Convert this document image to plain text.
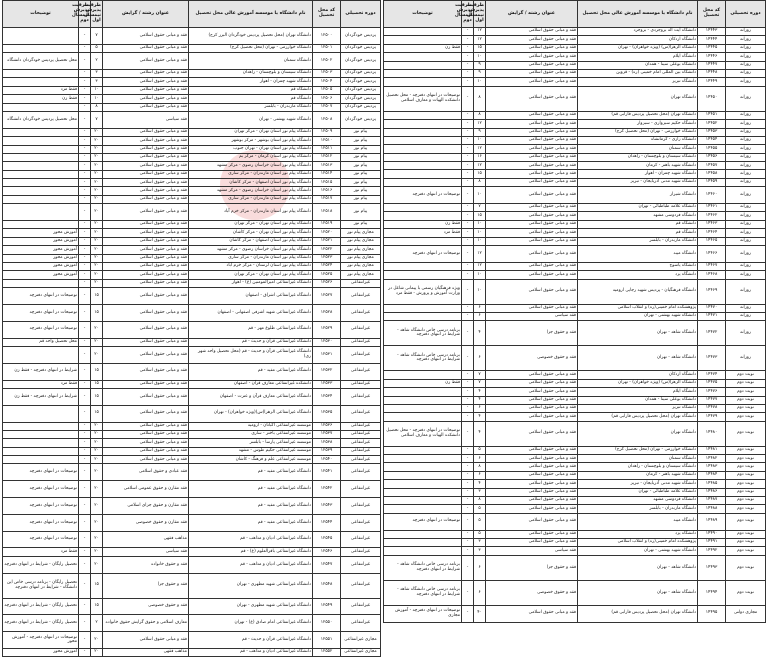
دوره تحصیلی	کد محل تحصیل	نام دانشگاه یا موسسه آموزش عالی محل تحصیل	عنوان رشته / گرایش	ظرفیت پذیرش نیمسال اول	ظرفیت پذیرش نیمسال دوم	توضیحات
روزانه	۱۴۴۴۳	دانشگاه آیت اله بروجردی - بروجرد	فقه و مبانی حقوق اسلامی	۱۲	-	
روزانه	۱۴۴۴۴	دانشگاه اردکان	فقه و مبانی حقوق اسلامی	۱۲	-	
روزانه	۱۴۴۴۵	دانشگاه الزهرا(س) (ویژه خواهران) - تهران	فقه و مبانی حقوق اسلامی	۱۵	-	فقط زن
روزانه	۱۴۴۴۶	دانشگاه ایلام	فقه و مبانی حقوق اسلامی	۱۰	-	
روزانه	۱۴۴۴۷	دانشگاه بوعلی سینا - همدان	فقه و مبانی حقوق اسلامی	۹	-	
روزانه	۱۴۴۴۸	دانشگاه بین المللی امام خمینی (ره) - قزوین	فقه و مبانی حقوق اسلامی	۹	-	
روزانه	۱۴۴۴۹	دانشگاه تبریز	فقه و مبانی حقوق اسلامی	۱۰	-	
روزانه	۱۴۴۵۰	دانشگاه تهران	فقه و مبانی حقوق اسلامی	۸	-	توضیحات در انتهای دفترچه - محل تحصیل دانشکده الهیات و معارف اسلامی
روزانه	۱۴۴۵۱	دانشگاه تهران (محل تحصیل پردیس فارابی قم)	فقه و مبانی حقوق اسلامی	۸	-	
روزانه	۱۴۴۵۲	دانشگاه حکیم سبزواری - سبزوار	فقه و مبانی حقوق اسلامی	۱۲	-	
روزانه	۱۴۴۵۳	دانشگاه خوارزمی - تهران (محل تحصیل کرج)	فقه و مبانی حقوق اسلامی	۹	-	
روزانه	۱۴۴۵۴	دانشگاه رازی - کرمانشاه	فقه و مبانی حقوق اسلامی	۱۰	-	
روزانه	۱۴۴۵۵	دانشگاه سمنان	فقه و مبانی حقوق اسلامی	۱۲	-	
روزانه	۱۴۴۵۶	دانشگاه سیستان و بلوچستان - زاهدان	فقه و مبانی حقوق اسلامی	۱۶	-	
روزانه	۱۴۴۵۷	دانشگاه شهید باهنر - کرمان	فقه و مبانی حقوق اسلامی	۱۲	-	
روزانه	۱۴۴۵۸	دانشگاه شهید چمران - اهواز	فقه و مبانی حقوق اسلامی	۱۵	-	
روزانه	۱۴۴۵۹	دانشگاه شهید مدنی آذربایجان - تبریز	فقه و مبانی حقوق اسلامی	۸	-	
روزانه	۱۴۴۶۰	دانشگاه شیراز	فقه و مبانی حقوق اسلامی	۱۰	-	توضیحات در انتهای دفترچه
روزانه	۱۴۴۶۱	دانشگاه علامه طباطبائی - تهران	فقه و مبانی حقوق اسلامی	۷	-	
روزانه	۱۴۴۶۲	دانشگاه فردوسی مشهد	فقه و مبانی حقوق اسلامی	۱۵	-	
روزانه	۱۴۴۶۳	دانشگاه قم	فقه و مبانی حقوق اسلامی	۱۰	-	فقط زن
روزانه	۱۴۴۶۴	دانشگاه قم	فقه و مبانی حقوق اسلامی	۱۰	-	فقط مرد
روزانه	۱۴۴۶۵	دانشگاه مازندران - بابلسر	فقه و مبانی حقوق اسلامی	۱۰	-	
روزانه	۱۴۴۶۶	دانشگاه میبد	فقه و مبانی حقوق اسلامی	۱۲	-	توضیحات در انتهای دفترچه
روزانه	۱۴۴۶۷	دانشگاه یاسوج	فقه و مبانی حقوق اسلامی	۱۲	-	
روزانه	۱۴۴۶۸	دانشگاه یزد	فقه و مبانی حقوق اسلامی	۱۰	-	
روزانه	۱۴۴۶۹	دانشگاه فرهنگیان - پردیس شهید رجایی ارومیه	فقه و مبانی حقوق اسلامی	۱۰	-	ویژه فرهنگیان رسمی با پیمانی شاغل در وزارت آموزش و پرورش - فقط مرد
روزانه	۱۴۴۷۰	پژوهشکده امام خمینی(ره) و انقلاب اسلامی	فقه و مبانی حقوق اسلامی	۶	-	
روزانه	۱۴۴۷۱	دانشگاه شهید بهشتی - تهران	فقه سیاسی	۶	-	
روزانه	۱۴۴۷۲	دانشگاه شاهد - تهران	فقه و حقوق جزا	۴	-	برنامه درسی خاص دانشگاه شاهد - شرایط در انتهای دفترچه
روزانه	۱۴۴۷۳	دانشگاه شاهد - تهران	فقه و حقوق خصوصی	۶	-	برنامه درسی خاص دانشگاه شاهد - شرایط در انتهای دفترچه
نوبت دوم	۱۴۴۷۴	دانشگاه اردکان	فقه و مبانی حقوق اسلامی	۷	-	
نوبت دوم	۱۴۴۷۵	دانشگاه الزهرا(س) (ویژه خواهران) - تهران	فقه و مبانی حقوق اسلامی	۷	-	فقط زن
نوبت دوم	۱۴۴۷۶	دانشگاه ایلام	فقه و مبانی حقوق اسلامی	۴	-	
نوبت دوم	۱۴۴۷۷	دانشگاه بوعلی سینا - همدان	فقه و مبانی حقوق اسلامی	۴	-	
نوبت دوم	۱۴۴۷۸	دانشگاه تبریز	فقه و مبانی حقوق اسلامی	۶	-	
نوبت دوم	۱۴۴۷۹	دانشگاه تهران (محل تحصیل پردیس فارابی قم)	فقه و مبانی حقوق اسلامی	۴	-	
نوبت دوم	۱۴۴۸۰	دانشگاه تهران	فقه و مبانی حقوق اسلامی	۴	-	توضیحات در انتهای دفترچه - محل تحصیل دانشکده الهیات و معارف اسلامی
نوبت دوم	۱۴۴۸۱	دانشگاه خوارزمی - تهران (محل تحصیل کرج)	فقه و مبانی حقوق اسلامی	۵	-	
نوبت دوم	۱۴۴۸۲	دانشگاه سمنان	فقه و مبانی حقوق اسلامی	۶	-	
نوبت دوم	۱۴۴۸۳	دانشگاه سیستان و بلوچستان - زاهدان	فقه و مبانی حقوق اسلامی	۸	-	
نوبت دوم	۱۴۴۸۴	دانشگاه شهید باهنر - کرمان	فقه و مبانی حقوق اسلامی	۶	-	
نوبت دوم	۱۴۴۸۵	دانشگاه شهید مدنی آذربایجان - تبریز	فقه و مبانی حقوق اسلامی	۴	-	
نوبت دوم	۱۴۴۸۶	دانشگاه علامه طباطبائی - تهران	فقه و مبانی حقوق اسلامی	۳	-	
نوبت دوم	۱۴۴۸۷	دانشگاه فردوسی مشهد	فقه و مبانی حقوق اسلامی	۸	-	
نوبت دوم	۱۴۴۸۸	دانشگاه مازندران - بابلسر	فقه و مبانی حقوق اسلامی	۵	-	
نوبت دوم	۱۴۴۸۹	دانشگاه میبد	فقه و مبانی حقوق اسلامی	۵	-	توضیحات در انتهای دفترچه
نوبت دوم	۱۴۴۹۰	دانشگاه یزد	فقه و مبانی حقوق اسلامی	۵	-	
نوبت دوم	۱۴۴۹۱	پژوهشکده امام خمینی(ره) و انقلاب اسلامی	فقه و مبانی حقوق اسلامی	۳	-	
نوبت دوم	۱۴۴۹۲	دانشگاه شهید بهشتی - تهران	فقه سیاسی	۳	-	
نوبت دوم	۱۴۴۹۳	دانشگاه شاهد - تهران	فقه و حقوق جزا	۶	-	برنامه درسی خاص دانشگاه شاهد - شرایط در انتهای دفترچه
نوبت دوم	۱۴۴۹۴	دانشگاه شاهد - تهران	فقه و حقوق خصوصی	۶	-	برنامه درسی خاص دانشگاه شاهد - شرایط در انتهای دفترچه
مجازی دولتی	۱۴۴۹۵	دانشگاه تهران (محل تحصیل پردیس فارابی قم)	فقه و مبانی حقوق اسلامی	۴۰	-	توضیحات در انتهای دفترچه - آموزش مجازی
دوره تحصیلی	کد محل تحصیل	نام دانشگاه یا موسسه آموزش عالی محل تحصیل	عنوان رشته / گرایش	ظرفیت پذیرش نیمسال اول	ظرفیت پذیرش نیمسال دوم	توضیحات
پردیس خودگردان	۱۲۵۰۰	دانشگاه تهران (محل تحصیل پردیس خودگردان البرز کرج)	فقه و مبانی حقوق اسلامی	۷	-	
پردیس خودگردان	۱۲۵۰۱	دانشگاه خوارزمی - تهران (محل تحصیل کرج)	فقه و مبانی حقوق اسلامی	۵	-	
پردیس خودگردان	۱۲۵۰۲	دانشگاه سمنان	فقه و مبانی حقوق اسلامی	۲	-	محل تحصیل پردیس خودگردان دانشگاه
پردیس خودگردان	۱۲۵۰۳	دانشگاه سیستان و بلوچستان - زاهدان	فقه و مبانی حقوق اسلامی	۳	-	
پردیس خودگردان	۱۲۵۰۴	دانشگاه شهید چمران - اهواز	فقه و مبانی حقوق اسلامی	۳	-	
پردیس خودگردان	۱۲۵۰۵	دانشگاه قم	فقه و مبانی حقوق اسلامی	۱۰	-	فقط مرد
پردیس خودگردان	۱۲۵۰۶	دانشگاه قم	فقه و مبانی حقوق اسلامی	۱۰	-	فقط زن
پردیس خودگردان	۱۲۵۰۷	دانشگاه مازندران - بابلسر	فقه و مبانی حقوق اسلامی	۸	-	
پردیس خودگردان	۱۲۵۰۸	دانشگاه شهید بهشتی - تهران	فقه سیاسی	۷	-	محل تحصیل پردیس خودگردان دانشگاه
پیام نور	۱۲۵۰۹	دانشگاه پیام نور استان تهران - مرکز تهران	فقه و مبانی حقوق اسلامی	۲۰	-	
پیام نور	۱۲۵۱۰	دانشگاه پیام نور استان بوشهر - مرکز بوشهر	فقه و مبانی حقوق اسلامی	۲۰	-	
پیام نور	۱۲۵۱۱	دانشگاه پیام نور استان تهران - تهران جنوب	فقه و مبانی حقوق اسلامی	۲۰	-	
پیام نور	۱۲۵۱۲	دانشگاه پیام نور استان کرمان - مرکز بم	فقه و مبانی حقوق اسلامی	۲۰	-	
پیام نور	۱۲۵۱۳	دانشگاه پیام نور استان خراسان رضوی - مرکز مشهد	فقه و مبانی حقوق اسلامی	۲۰	-	
پیام نور	۱۲۵۱۴	دانشگاه پیام نور استان مازندران - مرکز ساری	فقه و مبانی حقوق اسلامی	۲۰	-	
پیام نور	۱۲۵۱۵	دانشگاه پیام نور استان اصفهان - مرکز کاشان	فقه و مبانی حقوق اسلامی	۲۰	-	
پیام نور	۱۲۵۱۶	دانشگاه پیام نور استان خراسان رضوی - مرکز مشهد	فقه و مبانی حقوق اسلامی	۲۰	-	
پیام نور	۱۲۵۱۷	دانشگاه پیام نور استان مازندران - مرکز ساری	فقه و مبانی حقوق اسلامی	۲۰	-	
پیام نور	۱۲۵۱۸	دانشگاه پیام نور استان مازندران - مرکز خرم آباد	فقه و مبانی حقوق اسلامی	۲۰	-	
پیام نور	۱۲۵۱۹	دانشگاه پیام نور استان تهران - مرکز تهران	فقه و مبانی حقوق اسلامی	۲۰	-	
مجازی پیام نور	۱۲۵۲۰	دانشگاه پیام نور استان تهران - مرکز کاشان	فقه و مبانی حقوق اسلامی	۲۰	-	آموزش محور
مجازی پیام نور	۱۲۵۲۱	دانشگاه پیام نور استان اصفهان - مرکز کاشان	فقه و مبانی حقوق اسلامی	۲۰	-	آموزش محور
مجازی پیام نور	۱۲۵۲۲	دانشگاه پیام نور استان خراسان رضوی - مرکز مشهد	فقه و مبانی حقوق اسلامی	۲۰	-	آموزش محور
مجازی پیام نور	۱۲۵۲۳	دانشگاه پیام نور استان مازندران - مرکز ساری	فقه و مبانی حقوق اسلامی	۲۰	-	آموزش محور
مجازی پیام نور	۱۲۵۲۴	دانشگاه پیام نور استان لرستان - مرکز خرم آباد	فقه و مبانی حقوق اسلامی	۲۰	-	آموزش محور
مجازی پیام نور	۱۲۵۲۵	دانشگاه پیام نور استان تهران - مرکز تهران	فقه و مبانی حقوق اسلامی	۲۰	-	آموزش محور
غیرانتفاعی	۱۲۵۲۶	دانشگاه غیرانتفاعی امیرالمومنین (ع) - اهواز	فقه و مبانی حقوق اسلامی	۲۰	-	
غیرانتفاعی	۱۲۵۲۷	دانشگاه غیرانتفاعی اشراق - اصفهان	فقه و مبانی حقوق اسلامی	۱۵	-	توضیحات در انتهای دفترچه
غیرانتفاعی	۱۲۵۲۸	دانشگاه غیرانتفاعی شهید اشرفی اصفهانی - اصفهان	فقه و مبانی حقوق اسلامی	۱۵	-	توضیحات در انتهای دفترچه
غیرانتفاعی	۱۲۵۲۹	دانشگاه غیرانتفاعی طلوع مهر - قم	فقه و مبانی حقوق اسلامی	۲۰	-	توضیحات در انتهای دفترچه
غیرانتفاعی	۱۲۵۳۰	دانشگاه غیرانتفاعی قرآن و حدیث - قم	فقه و مبانی حقوق اسلامی	۲۰	-	محل تحصیل واحد قم
غیرانتفاعی	۱۲۵۳۱	دانشگاه غیرانتفاعی قرآن و حدیث - قم (محل تحصیل واحد شهر ری)	فقه و مبانی حقوق اسلامی	۲۰	-	
غیرانتفاعی	۱۲۵۳۲	دانشگاه غیرانتفاعی مفید - قم	فقه و مبانی حقوق اسلامی	۱۵	-	شرایط در انتهای دفترچه - فقط زن
غیرانتفاعی	۱۲۵۳۳	دانشکده غیرانتفاعی معارف قرآن - اصفهان	فقه و مبانی حقوق اسلامی	۱۵	-	فقط مرد
غیرانتفاعی	۱۲۵۳۴	دانشگاه غیرانتفاعی معارف قرآن و عترت - اصفهان	فقه و مبانی حقوق اسلامی	۱۵	-	شرایط در انتهای دفترچه - فقط زن
غیرانتفاعی	۱۲۵۳۵	دانشگاه غیرانتفاعی الزهرا(س)(ویژه خواهران) - تهران	فقه و مبانی حقوق اسلامی	۱۵	-	
غیرانتفاعی	۱۲۵۳۶	موسسه غیرانتفاعی اکباتان - ارومیه	فقه و مبانی حقوق اسلامی	۲۰	-	
غیرانتفاعی	۱۲۵۳۷	موسسه غیرانتفاعی باختر - ساری	فقه و مبانی حقوق اسلامی	۲۰	-	
غیرانتفاعی	۱۲۵۳۸	موسسه غیرانتفاعی پارسا - بابلسر	فقه و مبانی حقوق اسلامی	۲۰	-	
غیرانتفاعی	۱۲۵۳۹	موسسه غیرانتفاعی حکیم طوس - مشهد	فقه و مبانی حقوق اسلامی	۲۰	-	
غیرانتفاعی	۱۲۵۴۰	موسسه غیرانتفاعی علم و فرهنگ - کاشان	فقه و مبانی حقوق اسلامی	۲۰	-	
غیرانتفاعی	۱۲۵۴۱	دانشگاه غیرانتفاعی مفید - قم	فقه عبادی و حقوق اسلامی	۲۰	-	توضیحات در انتهای دفترچه
غیرانتفاعی	۱۲۵۴۲	دانشگاه غیرانتفاعی مفید - قم	فقه مقارن و حقوق عمومی اسلامی	۲۰	-	توضیحات در انتهای دفترچه
غیرانتفاعی	۱۲۵۴۳	دانشگاه غیرانتفاعی مفید - قم	فقه مقارن و حقوق جزای اسلامی	۲۰	-	توضیحات در انتهای دفترچه
غیرانتفاعی	۱۲۵۴۴	دانشگاه غیرانتفاعی مفید - قم	فقه مقارن و حقوق خصوصی	۲۰	-	توضیحات در انتهای دفترچه
غیرانتفاعی	۱۲۵۴۵	دانشگاه غیرانتفاعی ادیان و مذاهب - قم	مذاهب فقهی	۲۰	-	توضیحات در انتهای دفترچه
غیرانتفاعی	۱۲۵۴۶	دانشگاه غیرانتفاعی باقرالعلوم (ع) - قم	فقه سیاسی	۲۰	-	فقط مرد
غیرانتفاعی	۱۲۵۴۷	دانشگاه غیرانتفاعی ادیان و مذاهب - قم	فقه و حقوق خانواده	۲۰	-	تحصیل رایگان - شرایط در انتهای دفترچه
غیرانتفاعی	۱۲۵۴۸	دانشگاه غیرانتفاعی شهید مطهری - تهران	فقه و حقوق جزا	۱۵	-	تحصیل رایگان - برنامه درسی خاص این دانشگاه - شرایط در انتهای دفترچه
غیرانتفاعی	۱۲۵۴۹	دانشگاه غیرانتفاعی شهید مطهری - تهران	فقه و حقوق خصوصی	۱۵	-	تحصیل رایگان - شرایط در انتهای دفترچه
غیرانتفاعی	۱۲۵۵۰	دانشگاه غیرانتفاعی امام صادق (ع) - تهران	معارف اسلامی و حقوق گرایش حقوق خانواده	۲	-	تحصیل رایگان - شرایط در انتهای دفترچه
مجازی غیرانتفاعی	۱۲۵۵۱	دانشگاه غیرانتفاعی قرآن و حدیث - قم	فقه و مبانی حقوق اسلامی	۲۰	-	توضیحات در انتهای دفترچه - آموزش محور
مجازی غیرانتفاعی	۱۲۵۵۲	دانشگاه غیرانتفاعی ادیان و مذاهب - قم	مذاهب فقهی	۲۰	-	آموزش محور
